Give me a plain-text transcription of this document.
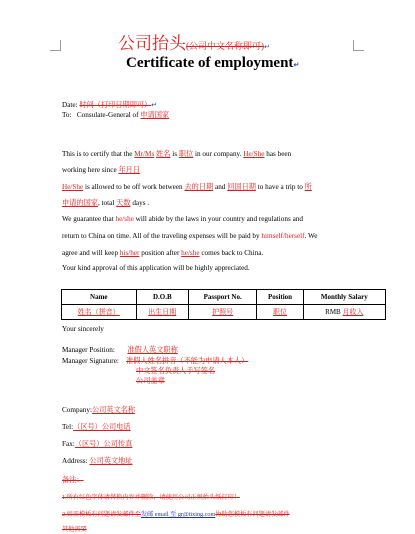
公司抬头(公司中文名称即可)↵
Certificate of employment↵
Date: 时间（打印日期即可）↵
To: Consulate-General of 申请国家
This is to certify that the Mr/Ms 姓名 is 职位 in our company. He/She has been
working here since 年月日
He/She is allowed to be off work between 去的日期 and 回国日期 to have a trip to 所
申请的国家, total 天数 days .
We guarantee that he/she will abide by the laws in your country and regulations and
return to China on time. All of the traveling expenses will be paid by himself/herself. We
agree and will keep his/her position after he/she comes back to China.
Your kind approval of this application will be highly appreciated.
Name	D.O.B	Passport No.	Position	Monthly Salary
姓名（拼音）	出生日期	护照号	职位	RMB 月收入
Your sincerely
Manager Position: 准假人英文职称
Manager Signature: 准假人姓名拼音（不能为申请人本人）
中文签名负责人手写签名
公司盖章
Company:公司英文名称
Tel:（区号）公司电话
Fax:（区号）公司传真
Address: 公司英文地址
备注：
1.所有红色字体请替换内容并删除，请使用公司正规抬头纸打印！
2.如需模板有问题请发邮件至发邮 email 至 gr@tixing.com协助您模板有问题请发邮件
其他需要
